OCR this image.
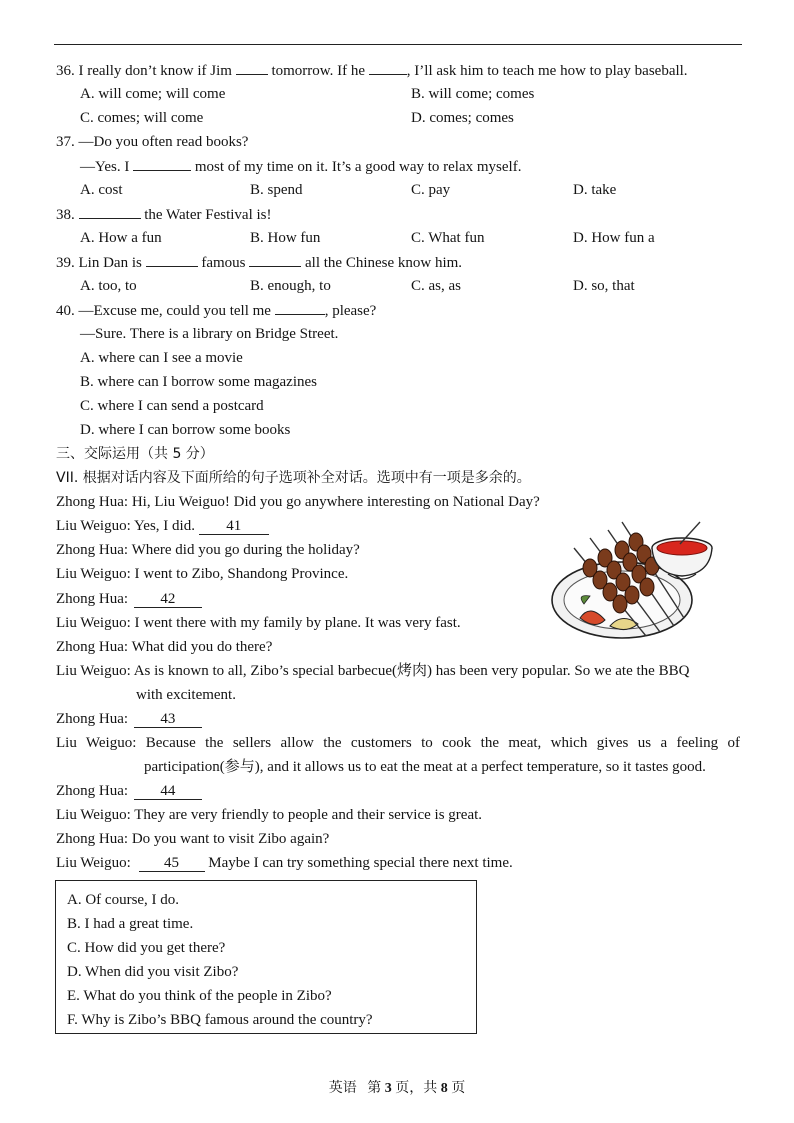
36. I really don’t know if Jim	tomorrow. If he	, I’ll ask him to teach me how to play baseball.
A. will come; will come	B. will come; comes
C. comes; will come	D. comes; comes
37. —Do you often read books?
—Yes. I	most of my time on it. It’s a good way to relax myself.
A. cost	B. spend	C. pay	D. take
38.	the Water Festival is!
A. How a fun	B. How fun	C. What fun	D. How fun a
39. Lin Dan is	famous	all the Chinese know him.
A. too, to	B. enough, to	C. as, as	D. so, that
40. —Excuse me, could you tell me	, please?
—Sure. There is a library on Bridge Street.
A. where can I see a movie
B. where can I borrow some magazines
C. where I can send a postcard
D. where I can borrow some books
三、交际运用（共 5 分）
VII. 根据对话内容及下面所给的句子选项补全对话。选项中有一项是多余的。
Zhong Hua: Hi, Liu Weiguo! Did you go anywhere interesting on National Day?
Liu Weiguo: Yes, I did. 41
Zhong Hua: Where did you go during the holiday?
Liu Weiguo: I went to Zibo, Shandong Province.
Zhong Hua: 42
Liu Weiguo: I went there with my family by plane. It was very fast.
Zhong Hua: What did you do there?
Liu Weiguo: As is known to all, Zibo’s special barbecue(烤肉) has been very popular. So we ate the BBQ
with excitement.
Zhong Hua: 43
Liu Weiguo: Because the sellers allow the customers to cook the meat, which gives us a feeling of
participation(参与), and it allows us to eat the meat at a perfect temperature, so it tastes good.
Zhong Hua: 44
Liu Weiguo: They are very friendly to people and their service is great.
Zhong Hua: Do you want to visit Zibo again?
Liu Weiguo: 45 Maybe I can try something special there next time.
A. Of course, I do.
B. I had a great time.
C. How did you get there?
D. When did you visit Zibo?
E. What do you think of the people in Zibo?
F. Why is Zibo’s BBQ famous around the country?
英语 第 3 页，共 8 页
